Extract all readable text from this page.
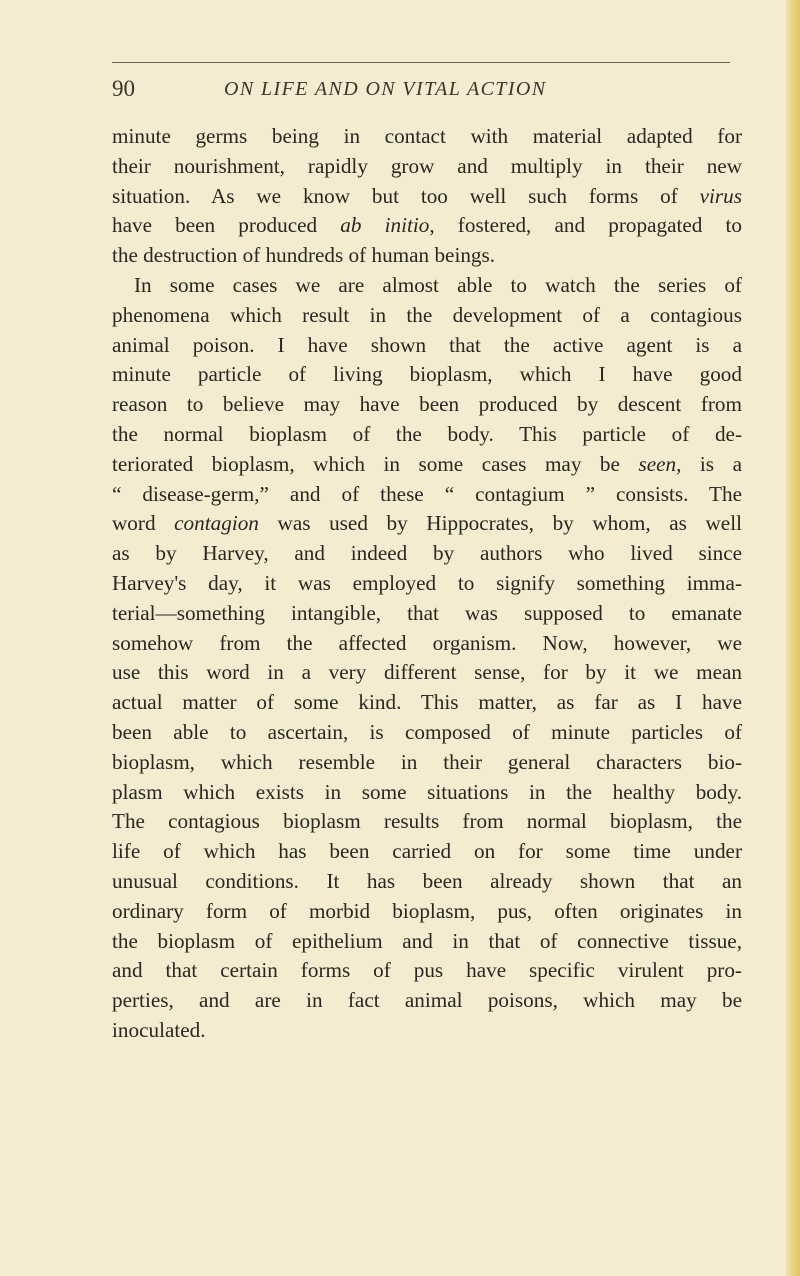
90	ON LIFE AND ON VITAL ACTION
minute germs being in contact with material adapted for
their nourishment, rapidly grow and multiply in their new
situation. As we know but too well such forms of virus
have been produced ab initio, fostered, and propagated to
the destruction of hundreds of human beings.
In some cases we are almost able to watch the series of
phenomena which result in the development of a contagious
animal poison. I have shown that the active agent is a
minute particle of living bioplasm, which I have good
reason to believe may have been produced by descent from
the normal bioplasm of the body. This particle of de-
teriorated bioplasm, which in some cases may be seen, is a
“ disease-germ,” and of these “ contagium ” consists. The
word contagion was used by Hippocrates, by whom, as well
as by Harvey, and indeed by authors who lived since
Harvey's day, it was employed to signify something imma-
terial—something intangible, that was supposed to emanate
somehow from the affected organism. Now, however, we
use this word in a very different sense, for by it we mean
actual matter of some kind. This matter, as far as I have
been able to ascertain, is composed of minute particles of
bioplasm, which resemble in their general characters bio-
plasm which exists in some situations in the healthy body.
The contagious bioplasm results from normal bioplasm, the
life of which has been carried on for some time under
unusual conditions. It has been already shown that an
ordinary form of morbid bioplasm, pus, often originates in
the bioplasm of epithelium and in that of connective tissue,
and that certain forms of pus have specific virulent pro-
perties, and are in fact animal poisons, which may be
inoculated.
